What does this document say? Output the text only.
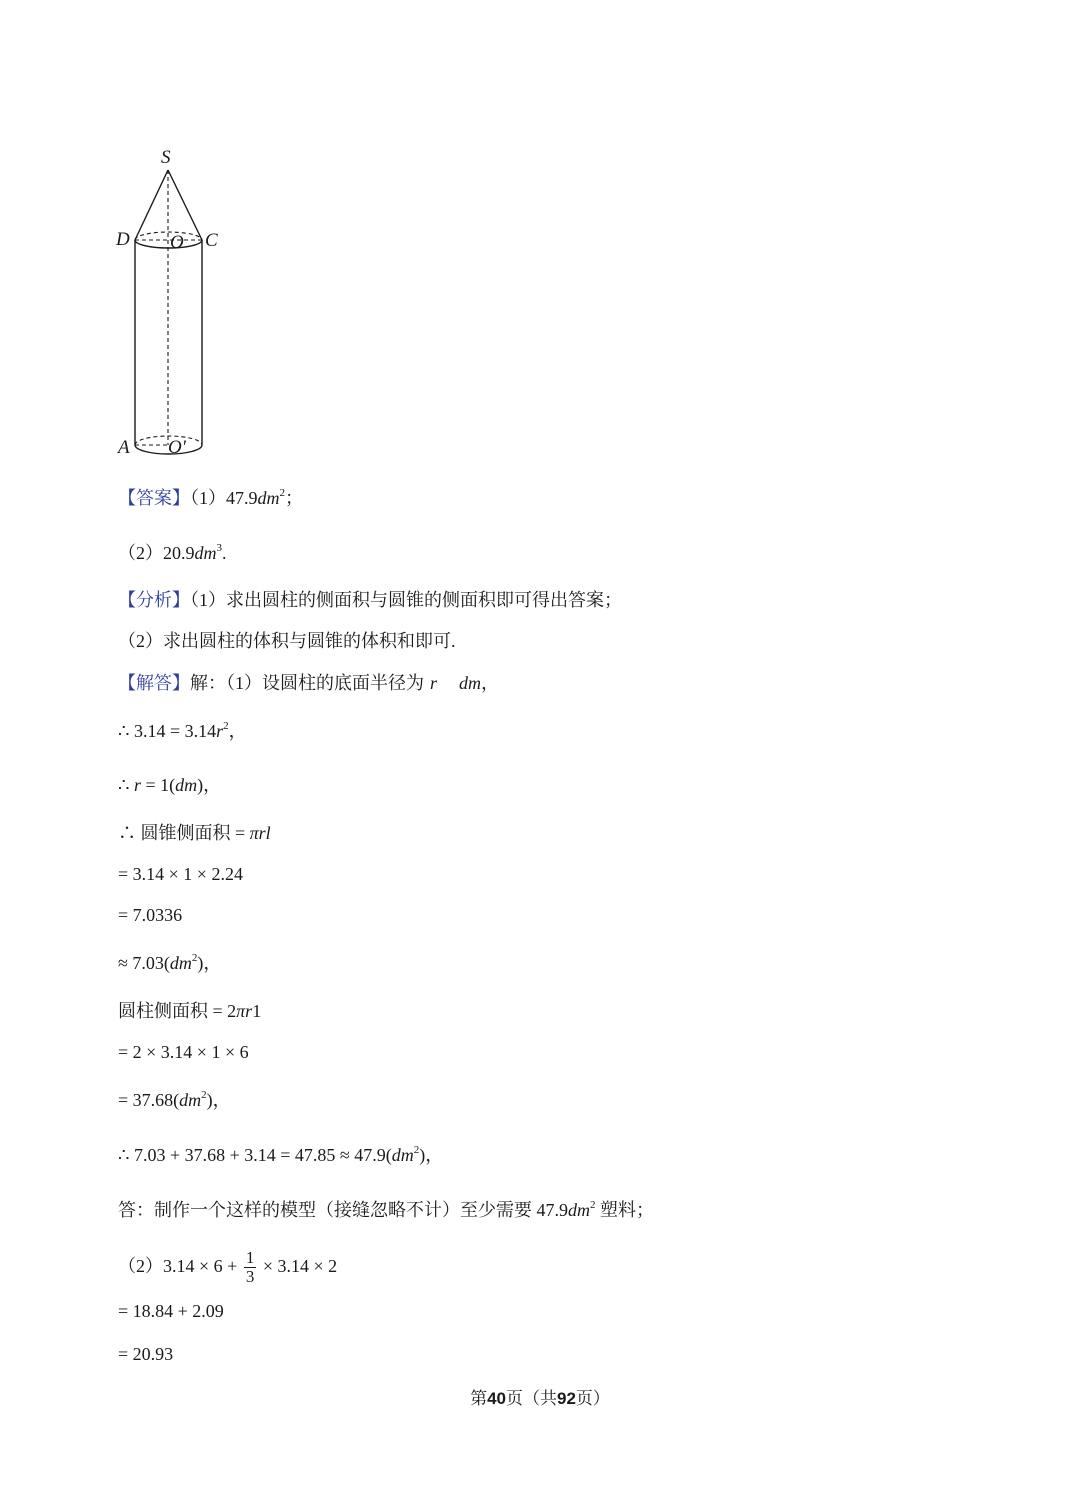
S
D O C
A O'
【答案】$(1)47.9dm^2$；
$(2)20.9dm^3$.
【分析】（1）求出圆柱的侧面积与圆锥的侧面积即可得出答案；
（2）求出圆柱的体积与圆锥的体积和即可.
【解答】解：（1）设圆柱的底面半径为 r dm，
∴ $3.14 = 3.14r^2$，
∴ r = 1(dm)，
∴ 圆锥侧面积 = πrl
= 3.14 × 1 × 2.24
= 7.0336
≈ $7.03(dm^2)$，
圆柱侧面积 = 2πr1
= 2 × 3.14 × 1 × 6
= $37.68(dm^2)$，
∴ $7.03 + 37.68 + 3.14 = 47.85 \approx 47.9(dm^2)$，
答：制作一个这样的模型（接缝忽略不计）至少需要 $47.9dm^2$ 塑料；
$(2)3.14 \times 6 + \frac{1}{3} \times 3.14 \times 2$
= 18.84 + 2.09
= 20.93
第40页（共92页）
